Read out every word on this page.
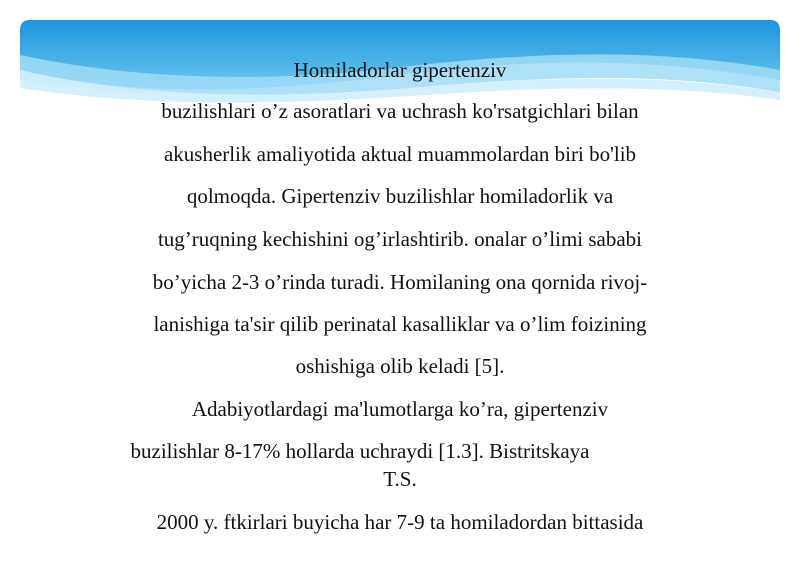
Homiladorlar gipertenziv
buzilishlari o’z asoratlari va uchrash ko'rsatgichlari bilan
akusherlik amaliyotida aktual muammolardan biri bo'lib
qolmoqda. Gipertenziv buzilishlar homiladorlik va
tug’ruqning kechishini og’irlashtirib. onalar o’limi sababi
bo’yicha 2-3 o’rinda turadi. Homilaning ona qornida rivoj-
lanishiga ta'sir qilib perinatal kasalliklar va o’lim foizining
oshishiga olib keladi [5].
Adabiyotlardagi ma'lumotlarga ko’ra, gipertenziv
buzilishlar 8-17% hollarda uchraydi [1.3]. Bistritskaya
T.S.
2000 y. ftkirlari buyicha har 7-9 ta homiladordan bittasida
